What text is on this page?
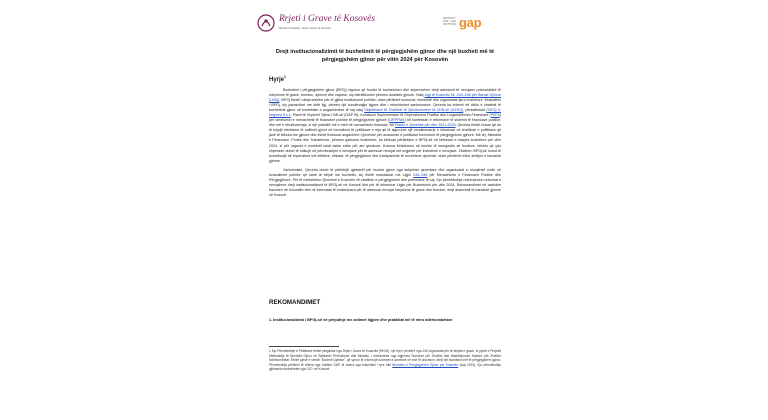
Rrjeti i Grave të Kosovës
Women's Network · Rrjeti i Grave të Kosovës
INSTITUTI GAP · GAP INSTITUTE gap
Drejt institucionalizimit të buxhetimit të përgjegjshëm gjinor dhe një buxheti më të përgjegjshëm gjinor për vitin 2024 për Kosovën
Hyrje$^1$

Buxhetimi i përgjegjshëm gjinor (BPGj) siguron që fondet të buxhetohen dhe shpenzohen drejt adresimit të nevojave potencialisht të ndryshme të grave, burrave, djemve dhe vajzave, siç identifikohen përmes analizës gjinore. Ndaj Ligji të Kosovës Nr. 03/L-048 për Barazi Gjinore (LBGj), BPGj është i detyrueshëm për të gjitha institucionet publike, duke përfshirë komunat, ministritë dhe organizatat tjera buxhetore. Mosbatimi i BPGj, siç parashihet me këtë ligj, përbën një kundërvajtje ligjore dhe i nënshtrohet sanksioneve. Qeveria ka kriteret në ciklin e zbatimit të buxhetimit gjinor në kontekstin e angazhimeve të saj ndaj Objektivave të Zhvillimit të Qëndrueshëm të OKB-së (OZHQ), përkatësisht OZHQ 5, treguesi 5.c.1; Planit të Veprimit Gjinor i BE-së (GAP III); Komisioni Suplementare të Shpenzimeve Publike dhe Llogaridhënies Financiare (PEFA) për vlerësimin e menaxhimit të financave publike të përgjegjshme gjinore (GRPFMA) në kontekstin e reformave të sistemit të financave publike; dhe më e rëndësishmja, si një praktikë më e mirë në menaxhimin financiar. Në Planin e Qeverisë për vitin 2021-2025, Qeveria është zotuar që do të krijojë vlerësime të ndikimit gjinor në formulimin të politikave e reja që të sigurohet një vendimmarrje e informuar në zhvillimin e politikave që janë të lidhura me gjinore dhe është theksuar angazhimi i Qeverisë për avancimin e politikave buxhetore të përgjegjshme gjinore. Më tej, Ministria e Financave, Punës dhe Transfereve, përmes qarkores buxhetore, ka kërkuar përfshirjen e BPGj-së në kërkesat e ndarjes buxhetore për vitin 2024, si për organet e pushtetit lokal ashtu edhe për ato qendrore. Kosova funksionon në kushte të mungesës së fondeve, kështu që çdo shpenzim duhet të ndikojë në përmbushjen e nevojave për të adresuar nevojat më urgjente për investime e nevojave. Zbatimi i BPGj-së mund të kontribuojë në shpenzime më efektive, efikase, të përgjegjshme dhe transparente të buxhetevе qeverisë, duke përfshirë edhe amitjen e barazisë gjinore.

Vazhdimisht, Qeveria duhet të përfshijë qytetarët për buxhet gjinor nga subjektet qeveritare dhe organizatat e shoqërisë civile në konsultimet publike që kanë të bëjnë me buxhetin, siç është mandatuar me Ligjin 03/L-048 për Menaxhimin e Financave Publike dhe Përgjegjësive. Për të mbështetur Qeverinë e Kosovës në zbatimin e përgjegjshme dhe potencave të saj. Kjo përmbledhje rekomandon reformat e nevojshme drejt institucionalizimit të BPGj-së në Kosovë dhe për të informuar Ligjin për Buxhetimin për vitin 2024. Rekomandimet në vazhdim bazohen në hulumtim dhe në informata të evidentuara për të adresuar nevojat ndryshme të grave dhe burrave, drejt avancimit të barazisë gjinore në Kosovë.

REKOMANDIMET
1. Institucionalizimi i BPGj-së në përputhje me zotimet ligjore dhe praktikat më të mira ndërkombëtare
1 Kjo Përmbledhje e Politikave është përgatitur nga Rrjeti i Grave të Kosovës (RrGK), një rrjet i përbërë nga 140 organizata për të drejtat e grave, si pjesë e Projekti Mbështetje të Buxhetit Gjinor në Ballkanin Perëndimor dhe Moldavi, i mbështetur nga Agjencia Suedeze për Zhvillim dhe Bashkëpunim Suedez për Zhvillim Ndërkombëtar. Është pjesë e serisë "Buxheti Qytetar", që synon të informojë buxhetet e qeverisë në enë të procesve, drejt një buxhetimi më të përgjegjshëm gjinor. Përmbledhja përfshin të dhëna nga Instituti GAP, të marra nga hulumtimi i tyre mbi Buxhetin e Përgjegjshëm Gjinor për Kosovën (maj 2023). Kjo përmbledhje gjithashtu mbështetet nga GIZ i në Kosovë.
